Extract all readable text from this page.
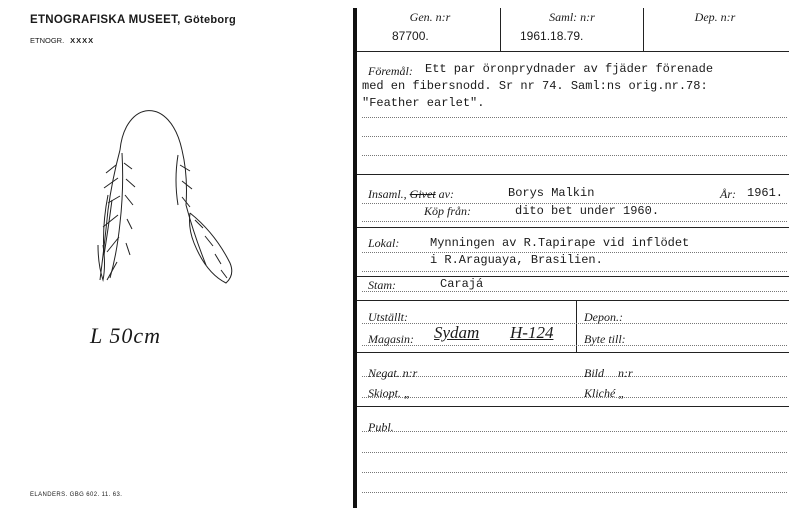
ETNOGRAFISKA MUSEET, Göteborg
ETNOGR. XXXX
L 50cm
ELANDERS. GBG 602. 11. 63.
Gen. n:r	Saml: n:r	Dep. n:r
87700.	1961.18.79.
Föremål: Ett par öronprydnader av fjäder förenade
med en fibersnodd. Sr nr 74. Saml:ns orig.nr.78:
"Feather earlet".
Insaml., Givet av:	Borys Malkin	År: 1961.
Köp från:	dito bet under 1960.
Lokal:	Mynningen av R.Tapirape vid inflödet
i R.Araguaya, Brasilien.
Stam:	Carajá
Utställt:	Depon.:
Magasin: Sydam H-124	Byte till:
Negat. n:r	Bild n:r
Skiopt. „	Kliché „
Publ.
